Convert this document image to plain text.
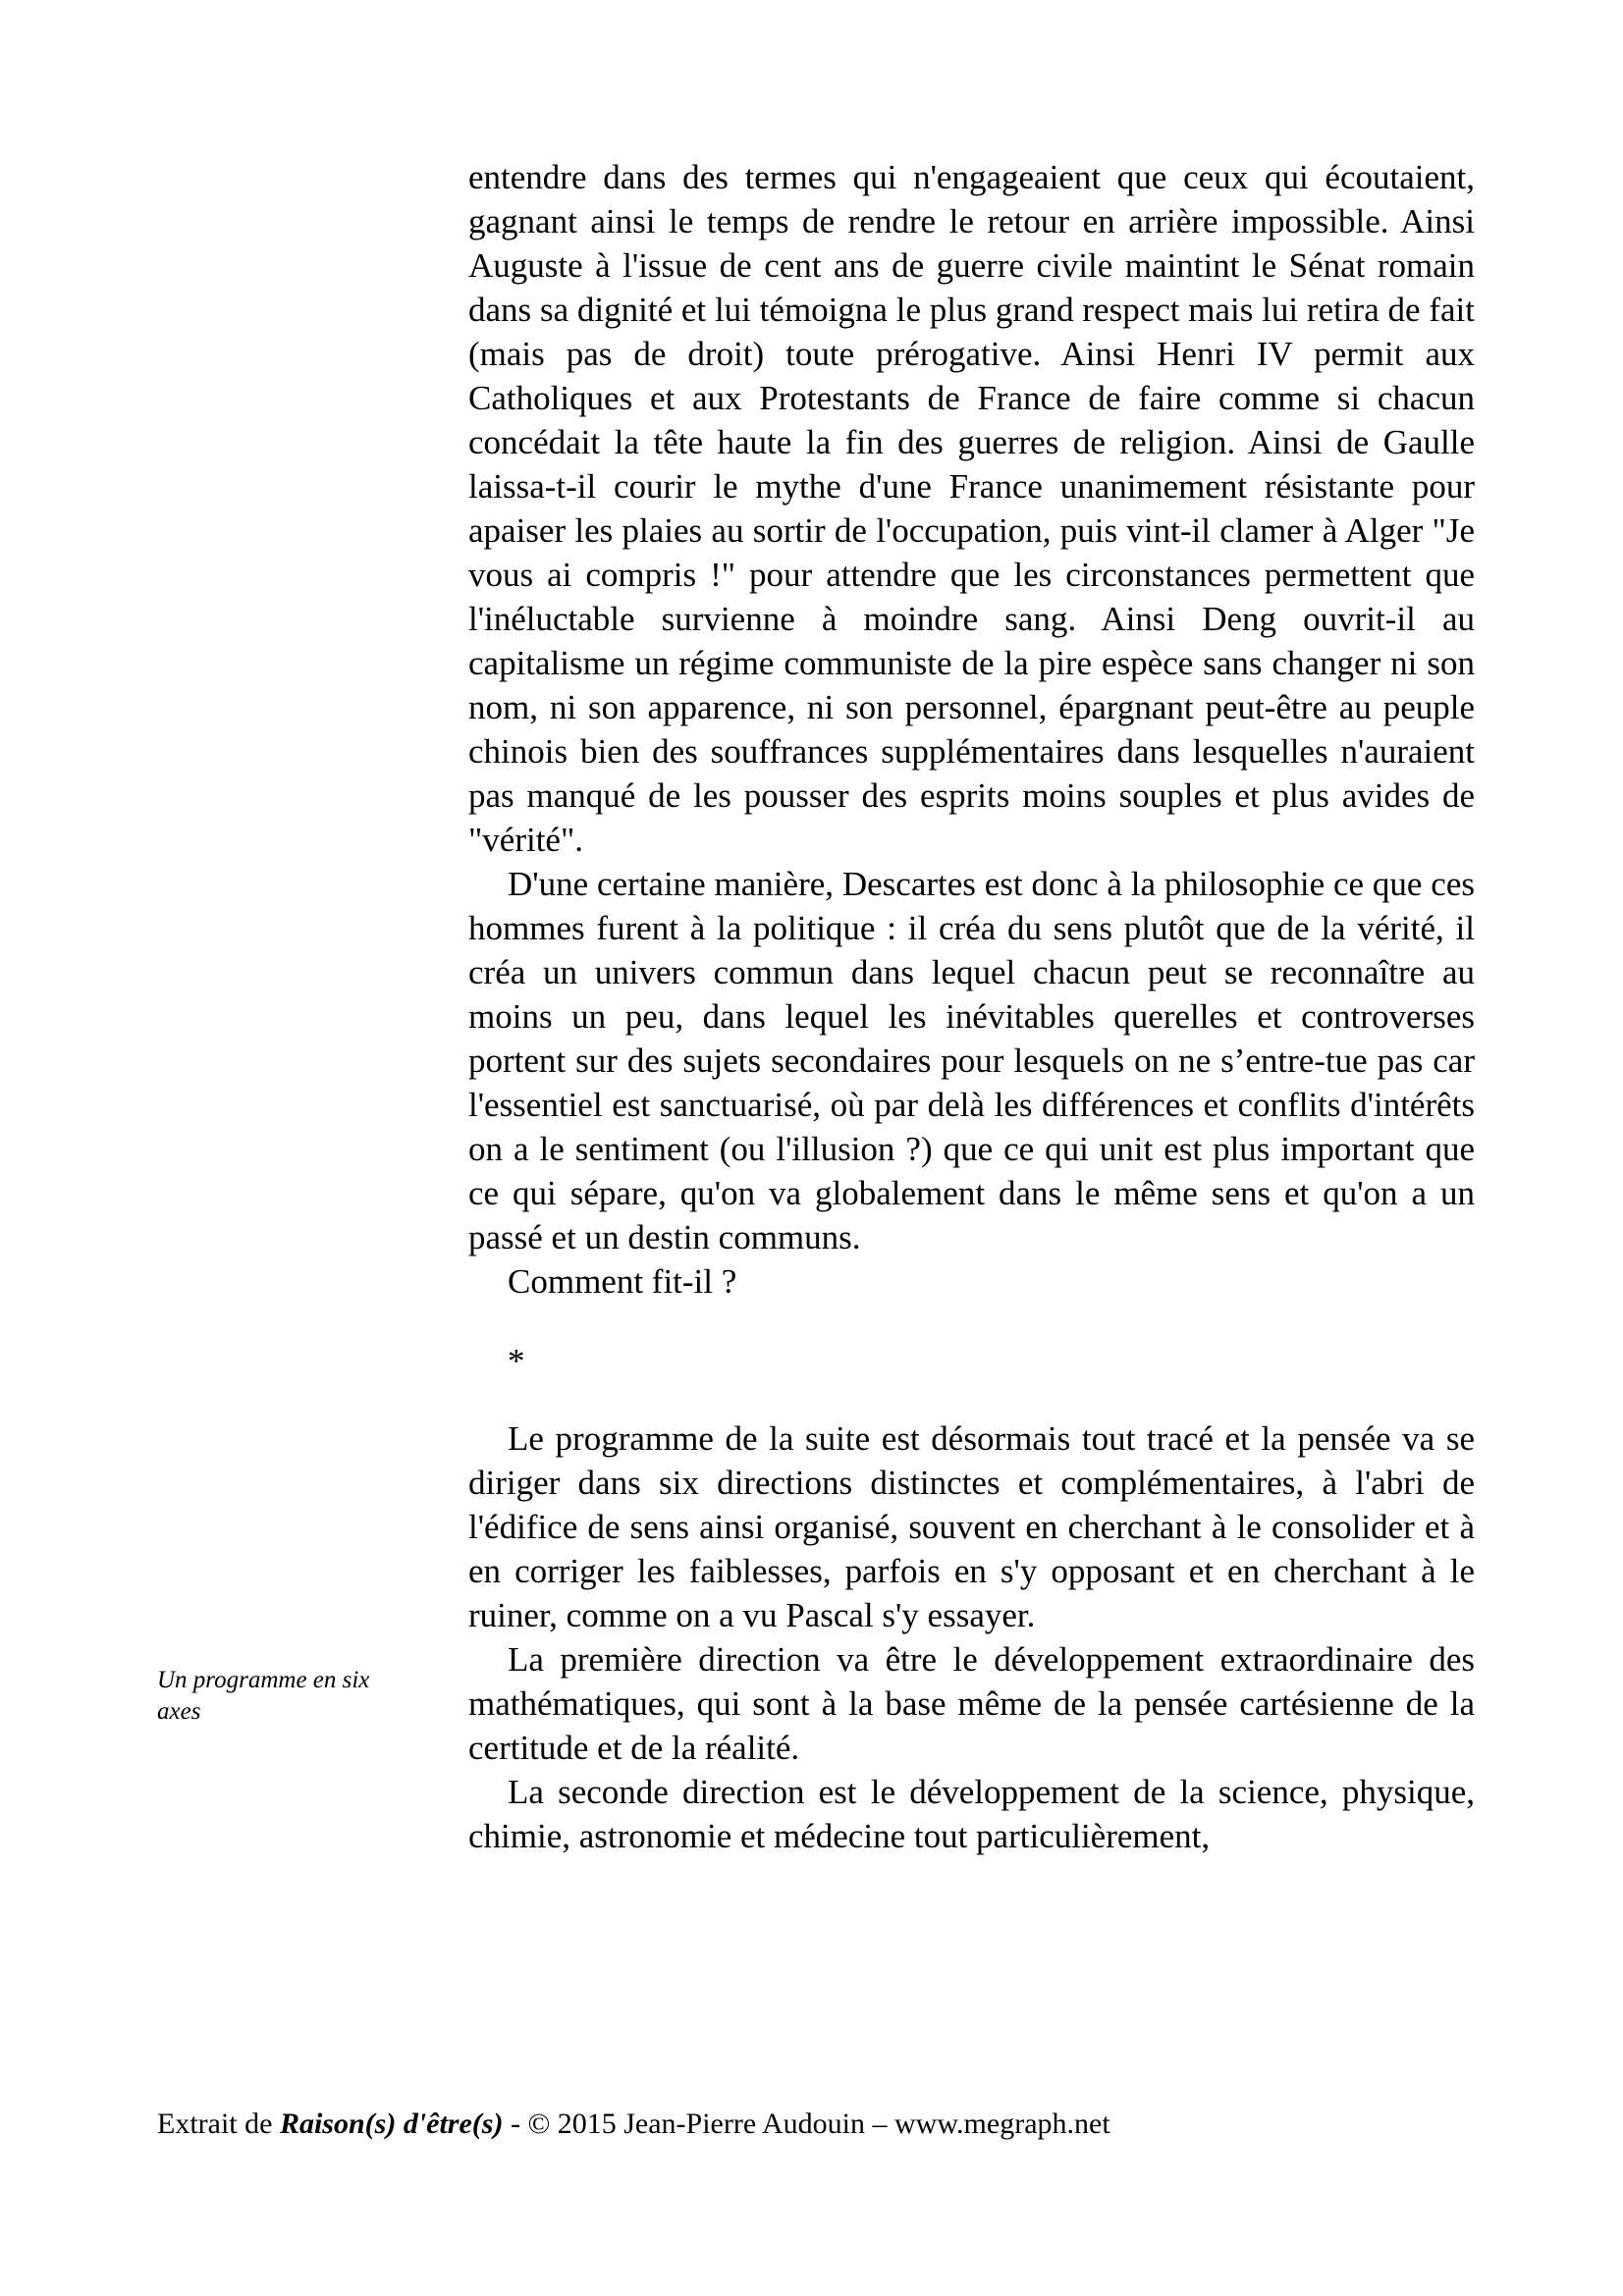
entendre dans des termes qui n'engageaient que ceux qui écoutaient, gagnant ainsi le temps de rendre le retour en arrière impossible. Ainsi Auguste à l'issue de cent ans de guerre civile maintint le Sénat romain dans sa dignité et lui témoigna le plus grand respect mais lui retira de fait (mais pas de droit) toute prérogative. Ainsi Henri IV permit aux Catholiques et aux Protestants de France de faire comme si chacun concédait la tête haute la fin des guerres de religion. Ainsi de Gaulle laissa-t-il courir le mythe d'une France unanimement résistante pour apaiser les plaies au sortir de l'occupation, puis vint-il clamer à Alger "Je vous ai compris !" pour attendre que les circonstances permettent que l'inéluctable survienne à moindre sang. Ainsi Deng ouvrit-il au capitalisme un régime communiste de la pire espèce sans changer ni son nom, ni son apparence, ni son personnel, épargnant peut-être au peuple chinois bien des souffrances supplémentaires dans lesquelles n'auraient pas manqué de les pousser des esprits moins souples et plus avides de "vérité".

D'une certaine manière, Descartes est donc à la philosophie ce que ces hommes furent à la politique : il créa du sens plutôt que de la vérité, il créa un univers commun dans lequel chacun peut se reconnaître au moins un peu, dans lequel les inévitables querelles et controverses portent sur des sujets secondaires pour lesquels on ne s’entre-tue pas car l'essentiel est sanctuarisé, où par delà les différences et conflits d'intérêts on a le sentiment (ou l'illusion ?) que ce qui unit est plus important que ce qui sépare, qu'on va globalement dans le même sens et qu'on a un passé et un destin communs.

Comment fit-il ?

*

Le programme de la suite est désormais tout tracé et la pensée va se diriger dans six directions distinctes et complémentaires, à l'abri de l'édifice de sens ainsi organisé, souvent en cherchant à le consolider et à en corriger les faiblesses, parfois en s'y opposant et en cherchant à le ruiner, comme on a vu Pascal s'y essayer.

La première direction va être le développement extraordinaire des mathématiques, qui sont à la base même de la pensée cartésienne de la certitude et de la réalité.

La seconde direction est le développement de la science, physique, chimie, astronomie et médecine tout particulièrement,

Un programme en six axes
Extrait de Raison(s) d'être(s) - © 2015 Jean-Pierre Audouin – www.megraph.net
